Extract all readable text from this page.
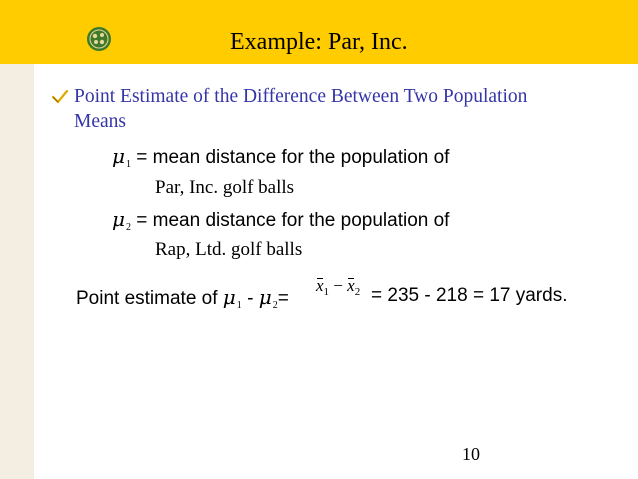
Example: Par, Inc.
Point Estimate of the Difference Between Two Population Means
$\mu_1$ = mean distance for the population of
Par, Inc. golf balls
$\mu_2$ = mean distance for the population of
Rap, Ltd. golf balls
Point estimate of $\mu_1 - \mu_2=$
$x_1 - x_2 = 235 - 218 = 17$ yards.
10
